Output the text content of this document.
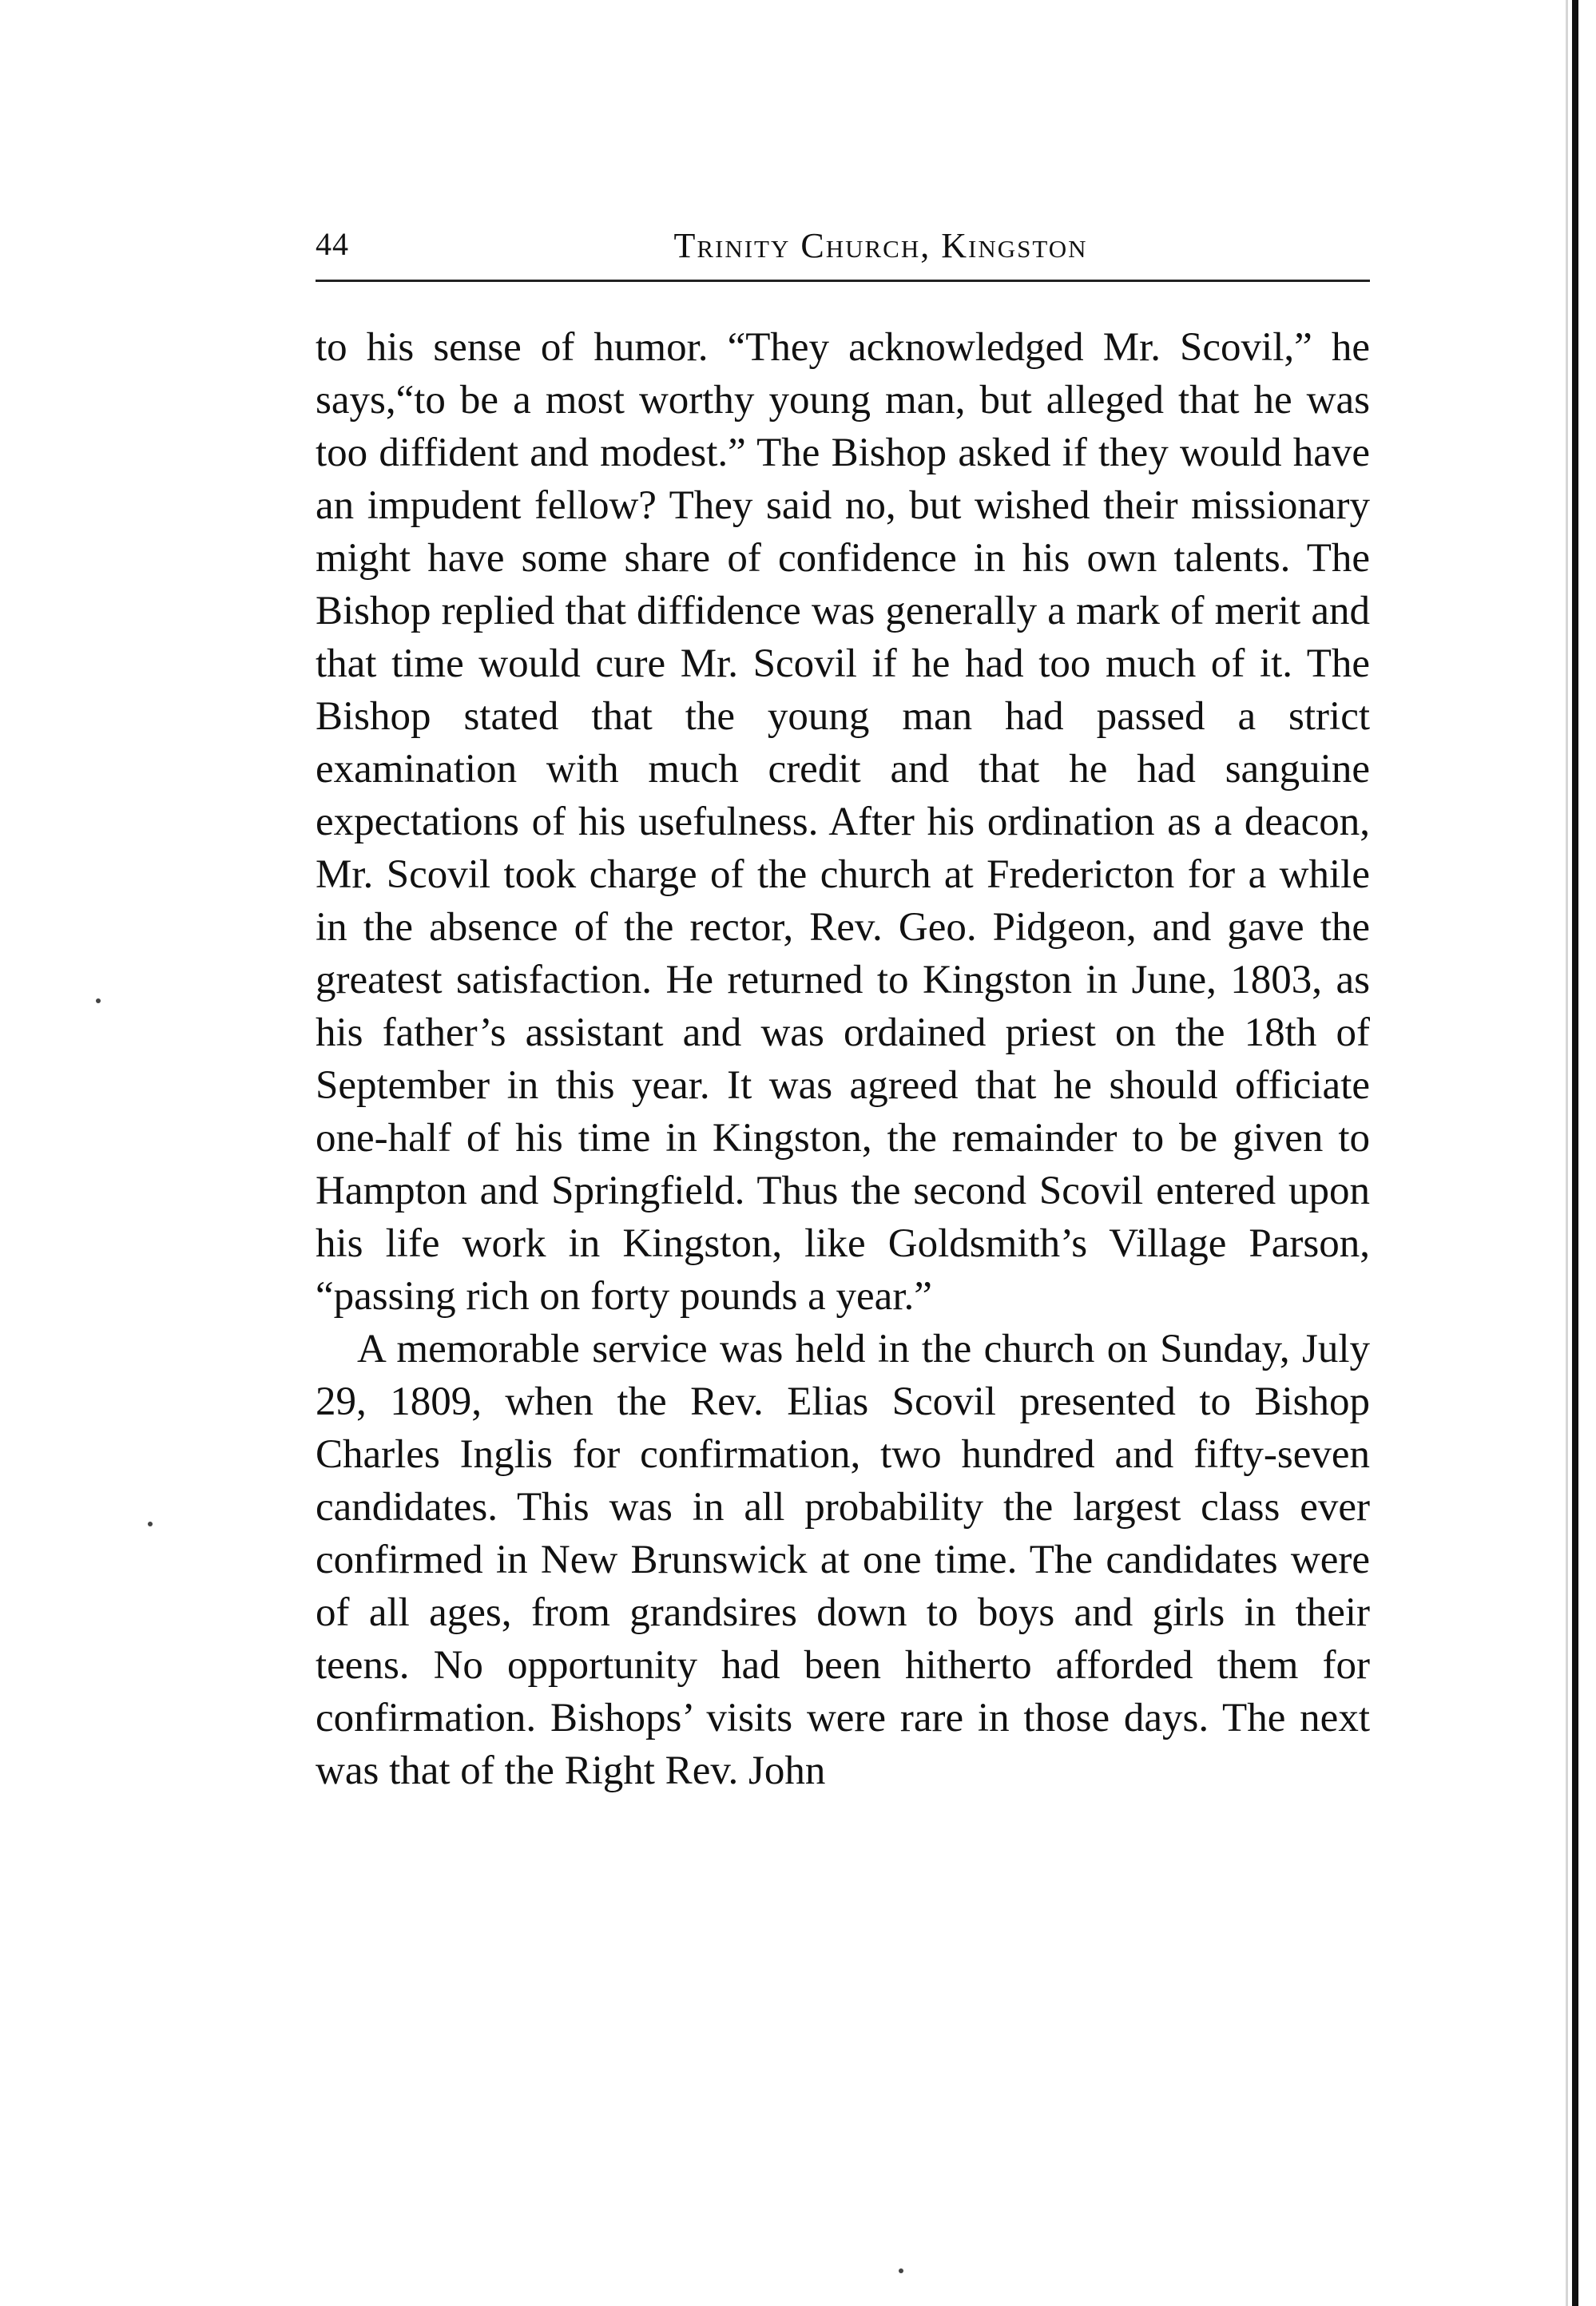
44	Trinity Church, Kingston

to his sense of humor. “They acknowledged Mr. Scovil,” he says,“to be a most worthy young man, but alleged that he was too diffident and modest.” The Bishop asked if they would have an impudent fellow? They said no, but wished their missionary might have some share of confidence in his own talents. The Bishop replied that diffidence was generally a mark of merit and that time would cure Mr. Scovil if he had too much of it. The Bishop stated that the young man had passed a strict examination with much credit and that he had sanguine expectations of his usefulness. After his ordination as a deacon, Mr. Scovil took charge of the church at Fredericton for a while in the absence of the rector, Rev. Geo. Pidgeon, and gave the greatest satisfaction. He returned to Kingston in June, 1803, as his father’s assistant and was ordained priest on the 18th of September in this year. It was agreed that he should officiate one-half of his time in Kingston, the remainder to be given to Hampton and Springfield. Thus the second Scovil entered upon his life work in Kingston, like Goldsmith’s Village Parson, “passing rich on forty pounds a year.”

A memorable service was held in the church on Sunday, July 29, 1809, when the Rev. Elias Scovil presented to Bishop Charles Inglis for confirmation, two hundred and fifty-seven candidates. This was in all probability the largest class ever confirmed in New Brunswick at one time. The candidates were of all ages, from grandsires down to boys and girls in their teens. No opportunity had been hitherto afforded them for confirmation. Bishops’ visits were rare in those days. The next was that of the Right Rev. John
